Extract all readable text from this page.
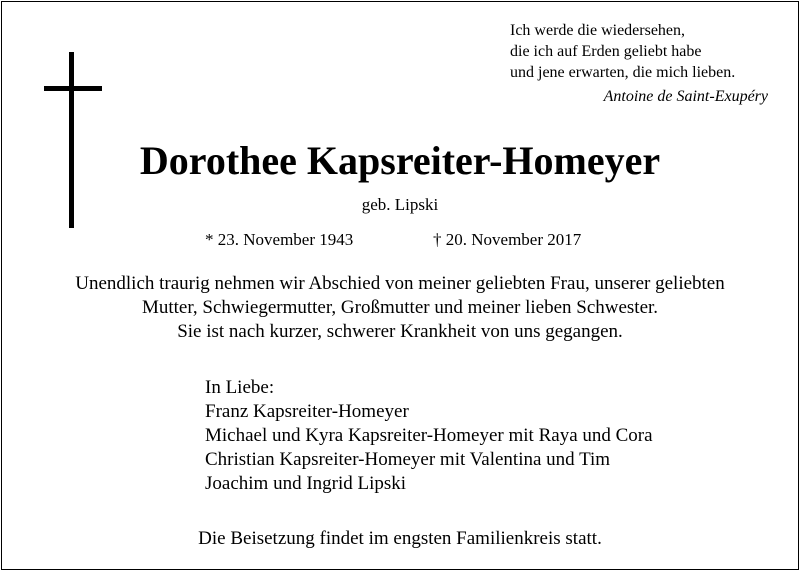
Ich werde die wiedersehen,
die ich auf Erden geliebt habe
und jene erwarten, die mich lieben.
Antoine de Saint-Exupéry
Dorothee Kapsreiter-Homeyer
geb. Lipski
* 23. November 1943	† 20. November 2017
Unendlich traurig nehmen wir Abschied von meiner geliebten Frau, unserer geliebten
Mutter, Schwiegermutter, Großmutter und meiner lieben Schwester.
Sie ist nach kurzer, schwerer Krankheit von uns gegangen.
In Liebe:
Franz Kapsreiter-Homeyer
Michael und Kyra Kapsreiter-Homeyer mit Raya und Cora
Christian Kapsreiter-Homeyer mit Valentina und Tim
Joachim und Ingrid Lipski
Die Beisetzung findet im engsten Familienkreis statt.
